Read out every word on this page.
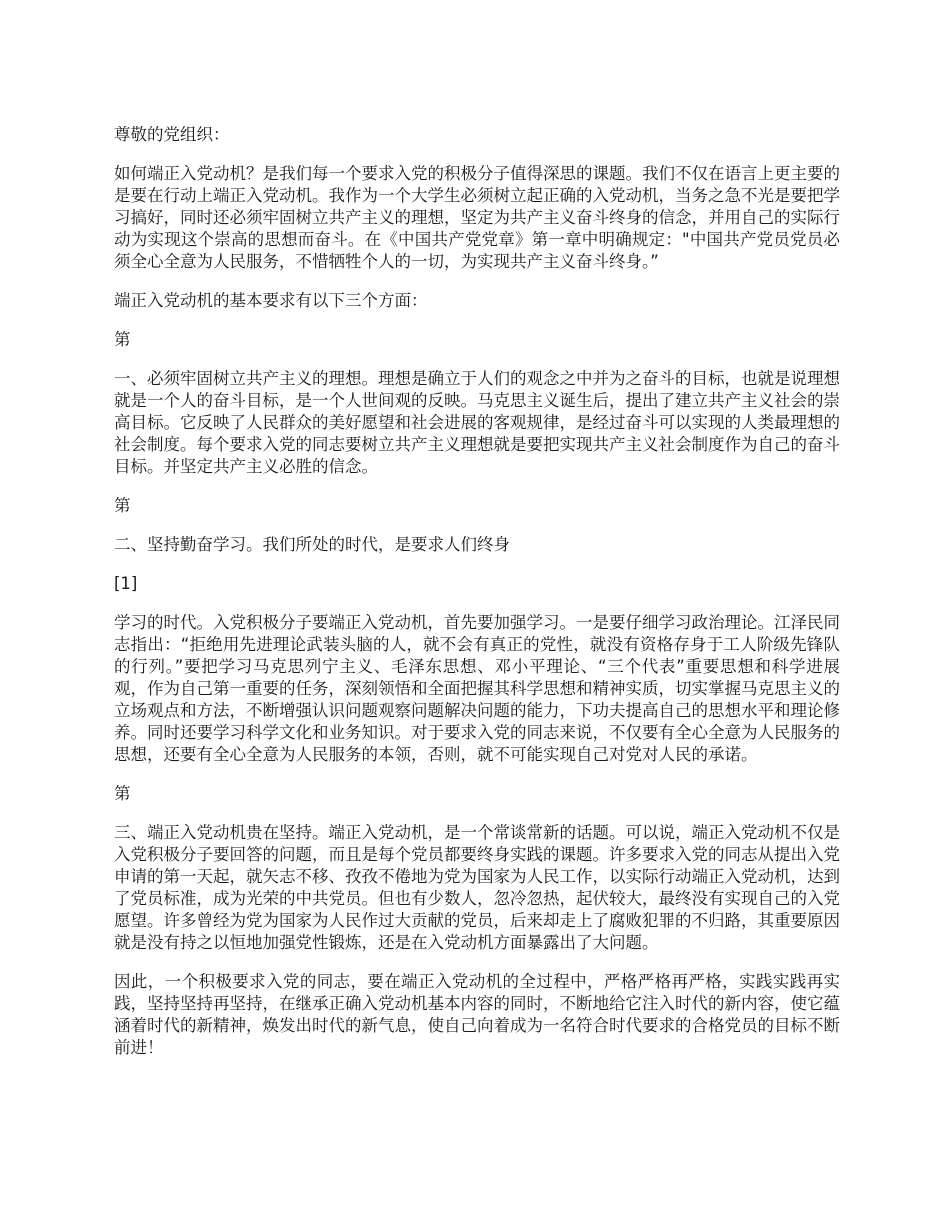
尊敬的党组织：

如何端正入党动机？是我们每一个要求入党的积极分子值得深思的课题。我们不仅在语言上更主要的是要在行动上端正入党动机。我作为一个大学生必须树立起正确的入党动机，当务之急不光是要把学习搞好，同时还必须牢固树立共产主义的理想，坚定为共产主义奋斗终身的信念，并用自己的实际行动为实现这个崇高的思想而奋斗。在《中国共产党党章》第一章中明确规定："中国共产党员党员必须全心全意为人民服务，不惜牺牲个人的一切，为实现共产主义奋斗终身。”

端正入党动机的基本要求有以下三个方面：

第

一、必须牢固树立共产主义的理想。理想是确立于人们的观念之中并为之奋斗的目标，也就是说理想就是一个人的奋斗目标，是一个人世间观的反映。马克思主义诞生后，提出了建立共产主义社会的崇高目标。它反映了人民群众的美好愿望和社会进展的客观规律，是经过奋斗可以实现的人类最理想的社会制度。每个要求入党的同志要树立共产主义理想就是要把实现共产主义社会制度作为自己的奋斗目标。并坚定共产主义必胜的信念。

第

二、坚持勤奋学习。我们所处的时代，是要求人们终身

[1]

学习的时代。入党积极分子要端正入党动机，首先要加强学习。一是要仔细学习政治理论。江泽民同志指出：“拒绝用先进理论武装头脑的人，就不会有真正的党性，就没有资格存身于工人阶级先锋队的行列。”要把学习马克思列宁主义、毛泽东思想、邓小平理论、“三个代表”重要思想和科学进展观，作为自己第一重要的任务，深刻领悟和全面把握其科学思想和精神实质，切实掌握马克思主义的立场观点和方法，不断增强认识问题观察问题解决问题的能力，下功夫提高自己的思想水平和理论修养。同时还要学习科学文化和业务知识。对于要求入党的同志来说，不仅要有全心全意为人民服务的思想，还要有全心全意为人民服务的本领，否则，就不可能实现自己对党对人民的承诺。

第

三、端正入党动机贵在坚持。端正入党动机，是一个常谈常新的话题。可以说，端正入党动机不仅是入党积极分子要回答的问题，而且是每个党员都要终身实践的课题。许多要求入党的同志从提出入党申请的第一天起，就矢志不移、孜孜不倦地为党为国家为人民工作，以实际行动端正入党动机，达到了党员标准，成为光荣的中共党员。但也有少数人，忽冷忽热，起伏较大，最终没有实现自己的入党愿望。许多曾经为党为国家为人民作过大贡献的党员，后来却走上了腐败犯罪的不归路，其重要原因就是没有持之以恒地加强党性锻炼，还是在入党动机方面暴露出了大问题。

因此，一个积极要求入党的同志，要在端正入党动机的全过程中，严格严格再严格，实践实践再实践，坚持坚持再坚持，在继承正确入党动机基本内容的同时，不断地给它注入时代的新内容，使它蕴涵着时代的新精神，焕发出时代的新气息，使自己向着成为一名符合时代要求的合格党员的目标不断前进！
